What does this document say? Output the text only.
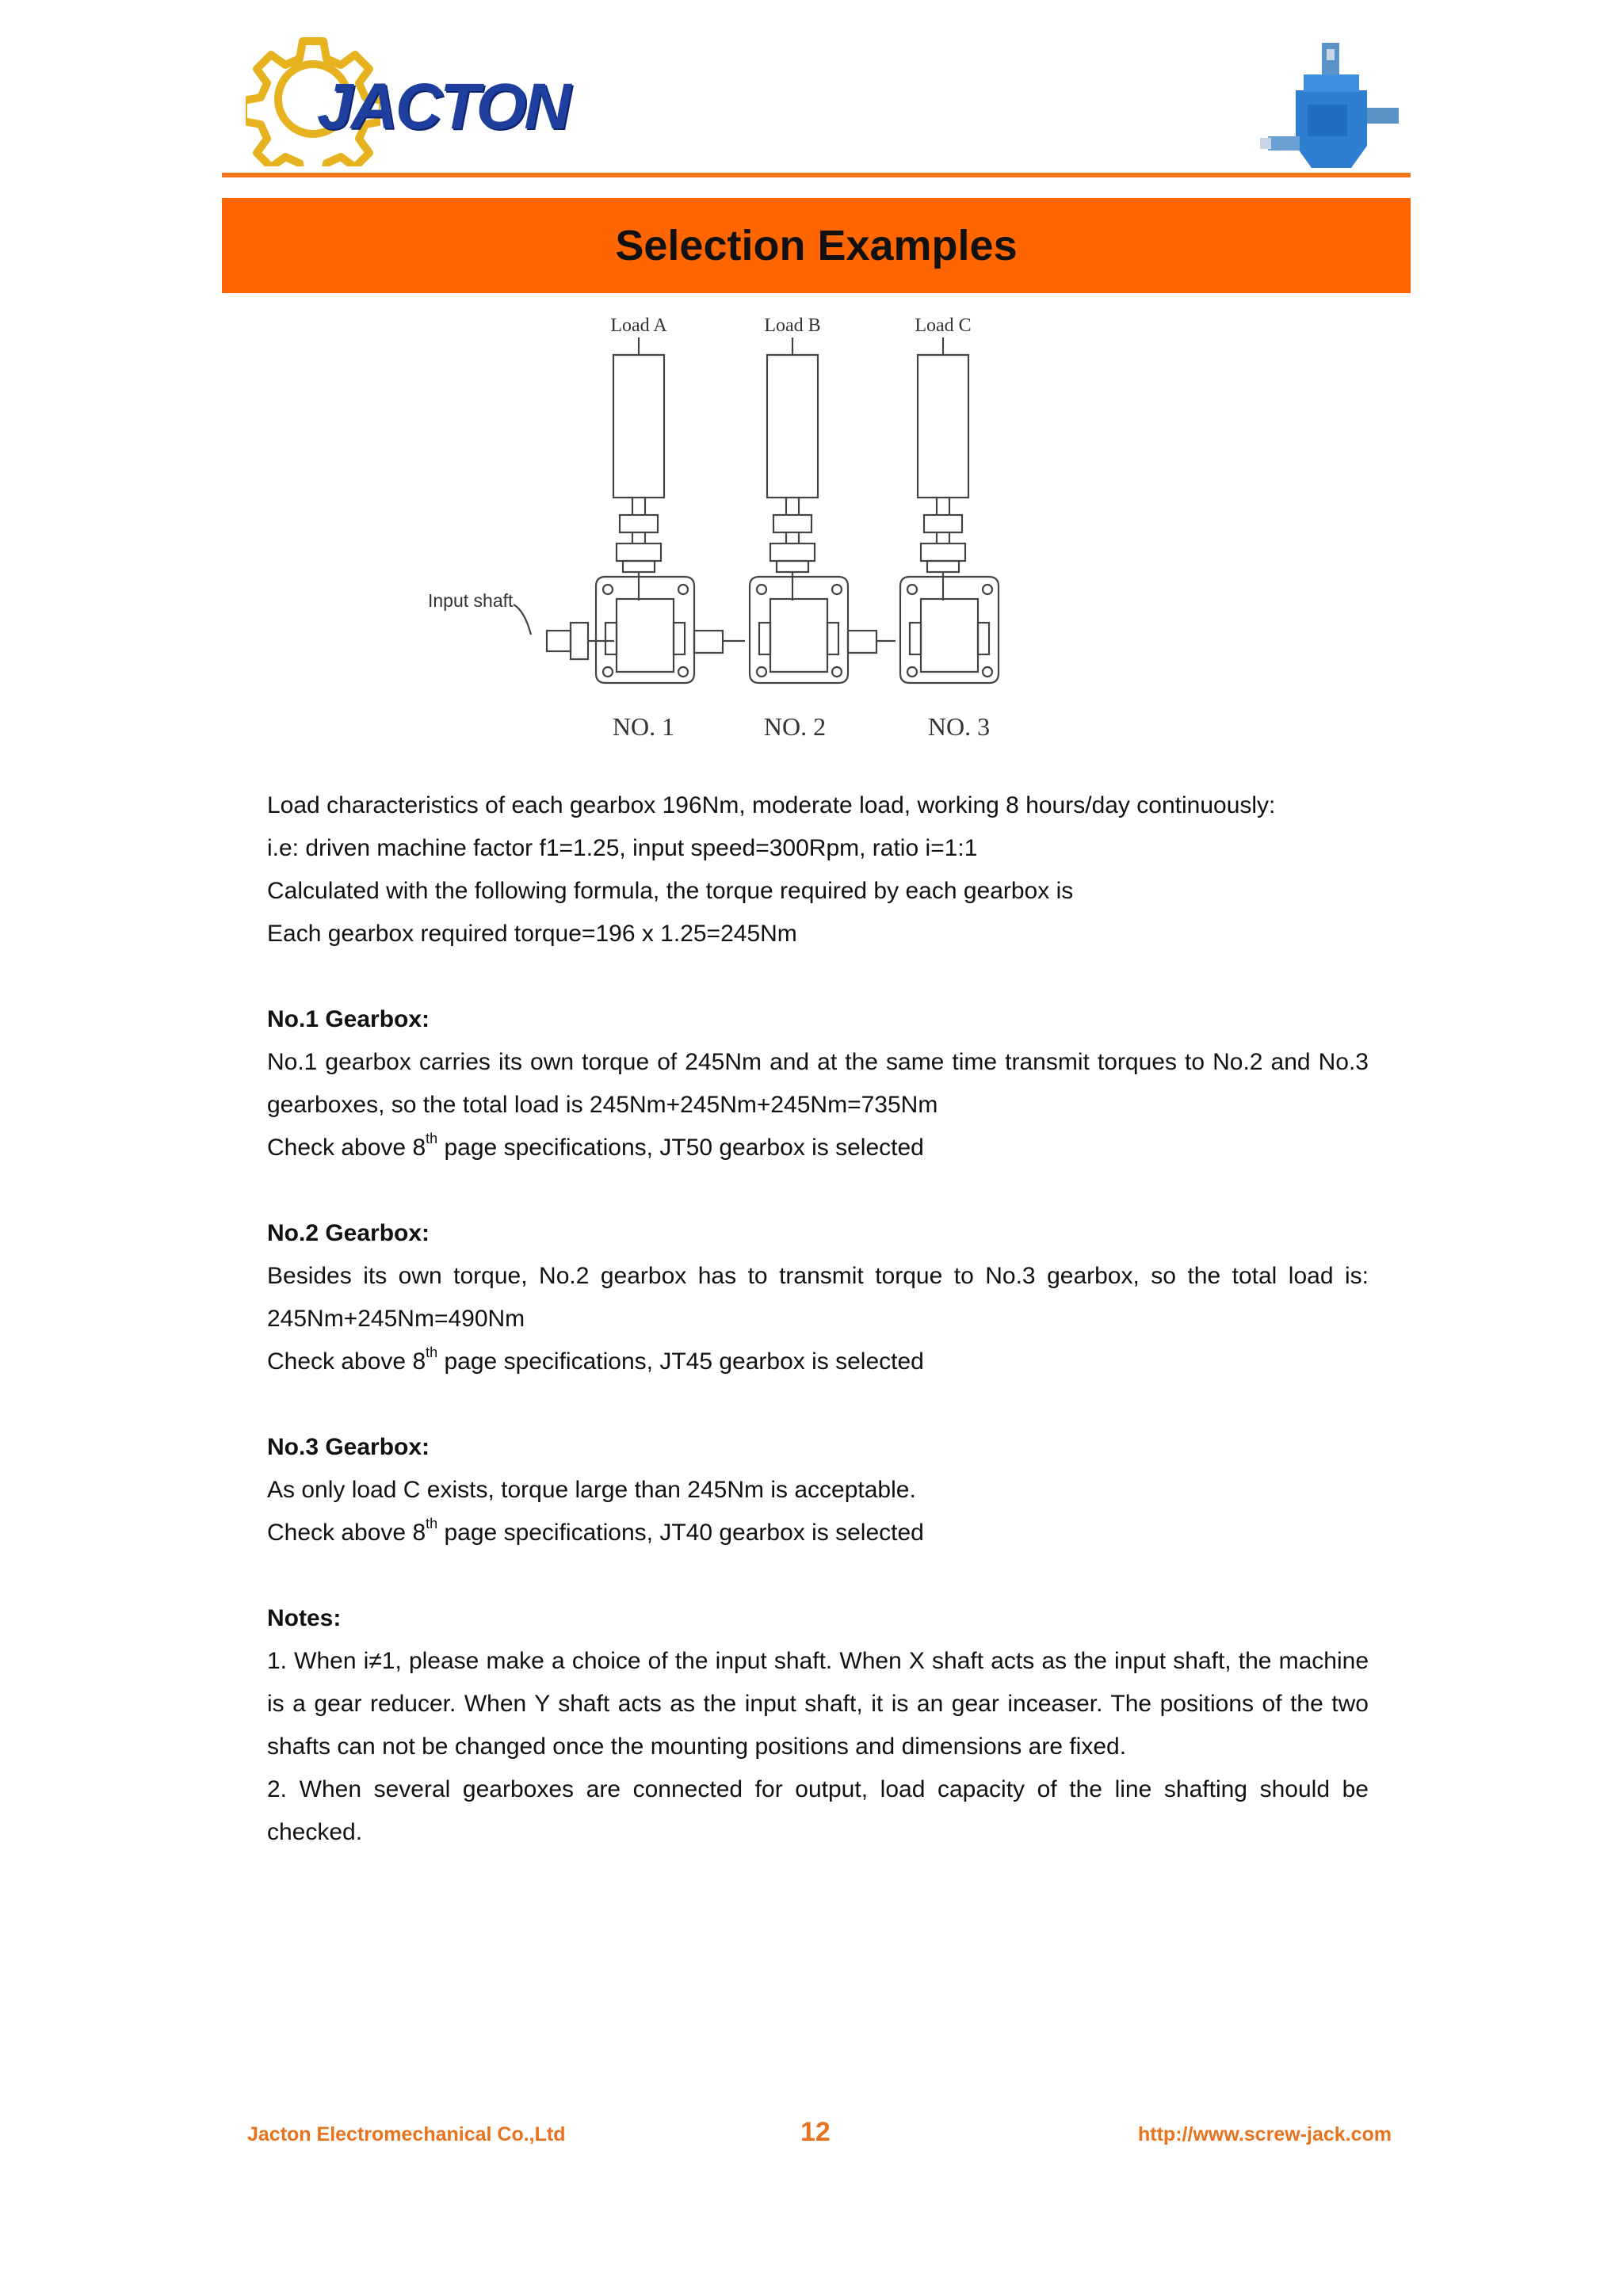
JACTON
Selection Examples
Load A	Load B	Load C
Input shaft
NO. 1	NO. 2	NO. 3

Load characteristics of each gearbox 196Nm, moderate load, working 8 hours/day continuously:

i.e: driven machine factor f1=1.25, input speed=300Rpm, ratio i=1:1

Calculated with the following formula, the torque required by each gearbox is

Each gearbox required torque=196 x 1.25=245Nm

No.1 Gearbox:

No.1 gearbox carries its own torque of 245Nm and at the same time transmit torques to No.2 and No.3 gearboxes, so the total load is 245Nm+245Nm+245Nm=735Nm

Check above 8th page specifications, JT50 gearbox is selected

No.2 Gearbox:

Besides its own torque, No.2 gearbox has to transmit torque to No.3 gearbox, so the total load is: 245Nm+245Nm=490Nm

Check above 8th page specifications, JT45 gearbox is selected

No.3 Gearbox:

As only load C exists, torque large than 245Nm is acceptable.

Check above 8th page specifications, JT40 gearbox is selected

Notes:

1. When i≠1, please make a choice of the input shaft. When X shaft acts as the input shaft, the machine is a gear reducer. When Y shaft acts as the input shaft, it is an gear inceaser. The positions of the two shafts can not be changed once the mounting positions and dimensions are fixed.

2. When several gearboxes are connected for output, load capacity of the line shafting should be checked.

Jacton Electromechanical Co.,Ltd	12	http://www.screw-jack.com
